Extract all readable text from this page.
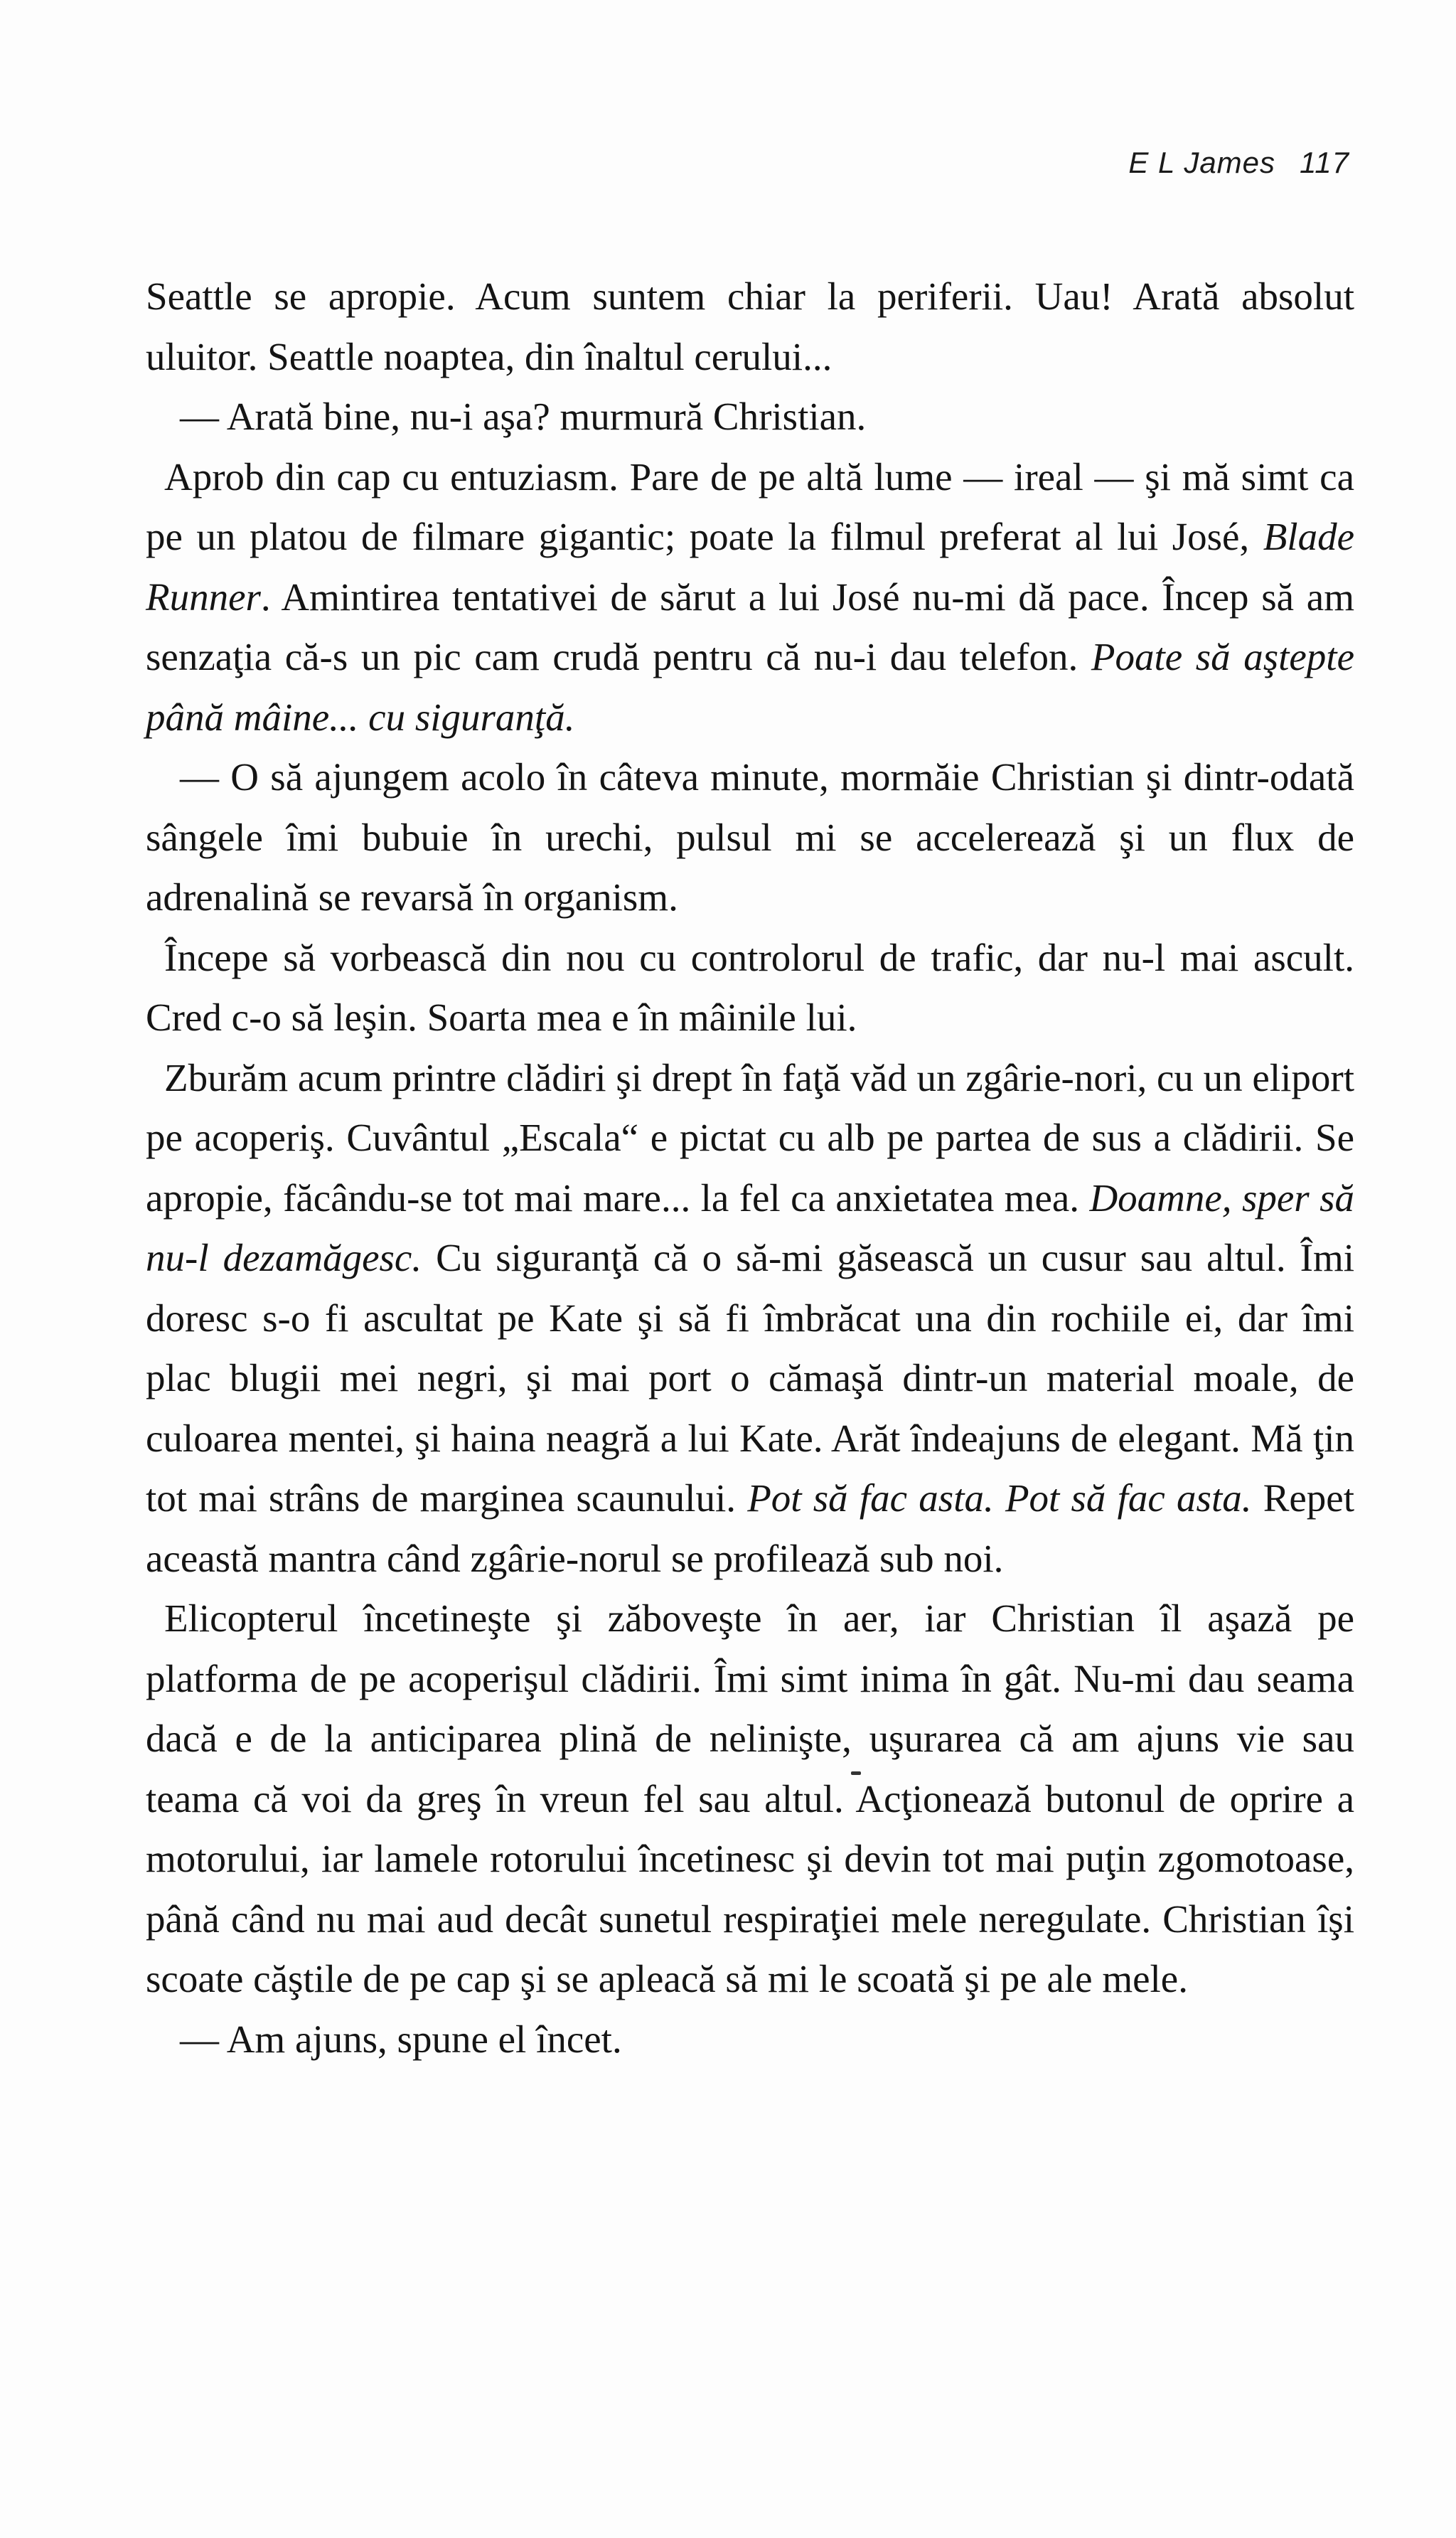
E L James 117

Seattle se apropie. Acum suntem chiar la periferii. Uau! Arată absolut uluitor. Seattle noaptea, din înaltul cerului...

— Arată bine, nu-i aşa? murmură Christian.

Aprob din cap cu entuziasm. Pare de pe altă lume — ireal — şi mă simt ca pe un platou de filmare gigantic; poate la filmul preferat al lui José, Blade Runner. Amintirea tentativei de sărut a lui José nu-mi dă pace. Încep să am senzaţia că-s un pic cam crudă pentru că nu-i dau telefon. Poate să aştepte până mâine... cu siguranţă.

— O să ajungem acolo în câteva minute, mormăie Christian şi dintr-odată sângele îmi bubuie în urechi, pulsul mi se accelerează şi un flux de adrenalină se revarsă în organism.

Începe să vorbească din nou cu controlorul de trafic, dar nu-l mai ascult. Cred c-o să leşin. Soarta mea e în mâinile lui.

Zburăm acum printre clădiri şi drept în faţă văd un zgârie-nori, cu un eliport pe acoperiş. Cuvântul „Escala“ e pictat cu alb pe partea de sus a clădirii. Se apropie, făcându-se tot mai mare... la fel ca anxietatea mea. Doamne, sper să nu-l dezamăgesc. Cu siguranţă că o să-mi găsească un cusur sau altul. Îmi doresc s-o fi ascultat pe Kate şi să fi îmbrăcat una din rochiile ei, dar îmi plac blugii mei negri, şi mai port o cămaşă dintr-un material moale, de culoarea mentei, şi haina neagră a lui Kate. Arăt îndeajuns de elegant. Mă ţin tot mai strâns de marginea scaunului. Pot să fac asta. Pot să fac asta. Repet această mantra când zgârie-norul se profilează sub noi.

Elicopterul încetineşte şi zăboveşte în aer, iar Christian îl aşază pe platforma de pe acoperişul clădirii. Îmi simt inima în gât. Nu-mi dau seama dacă e de la anticiparea plină de nelinişte, uşurarea că am ajuns vie sau teama că voi da greş în vreun fel sau altul. Acţionează butonul de oprire a motorului, iar lamele rotorului încetinesc şi devin tot mai puţin zgomotoase, până când nu mai aud decât sunetul respiraţiei mele neregulate. Christian îşi scoate căştile de pe cap şi se apleacă să mi le scoată şi pe ale mele.

— Am ajuns, spune el încet.
